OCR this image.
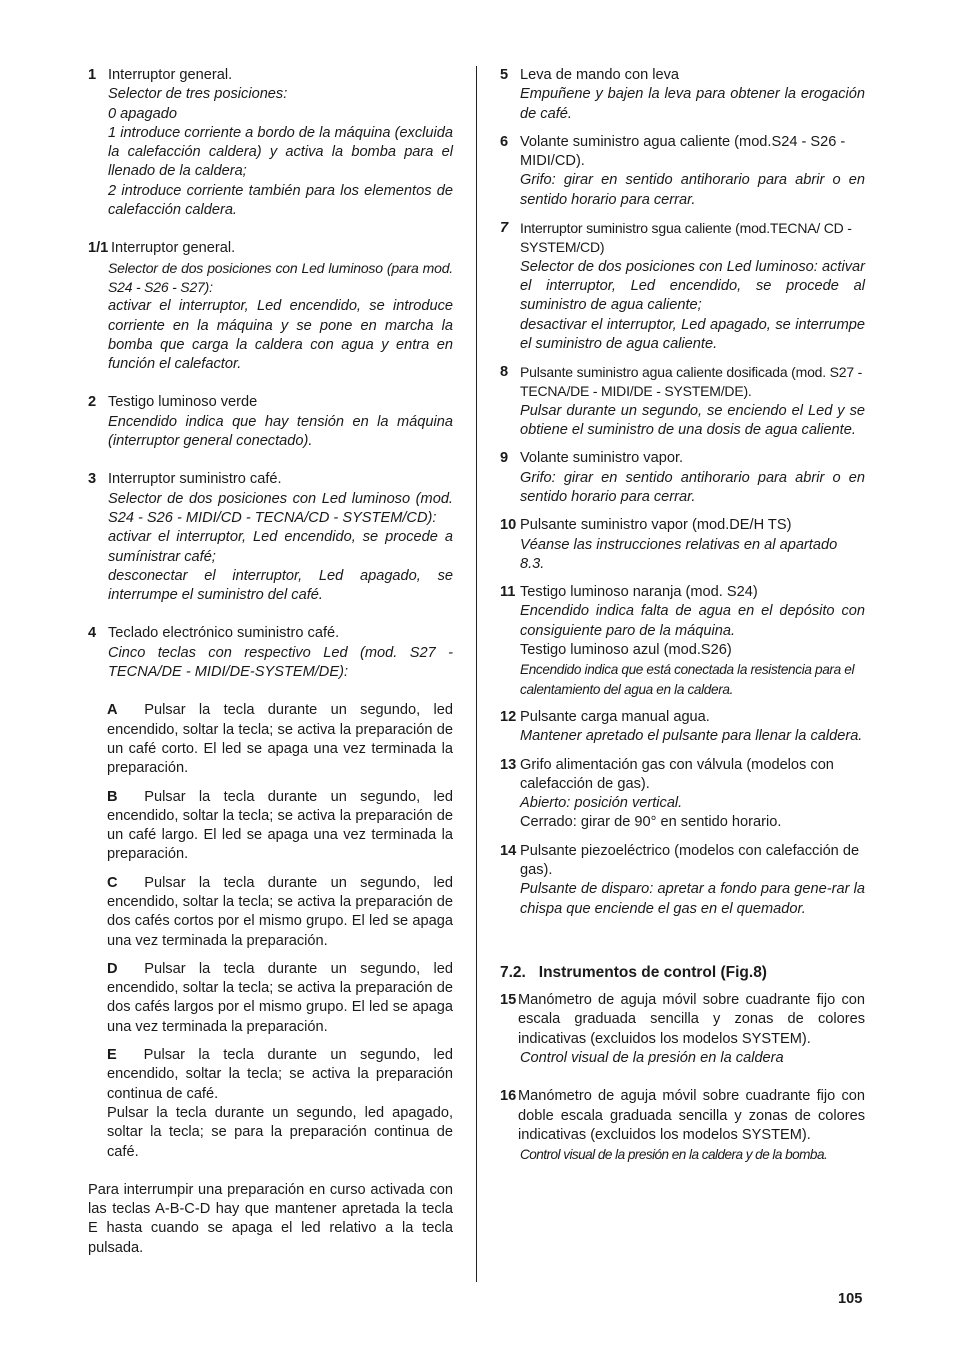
1 Interruptor general.
Selector de tres posiciones:
0 apagado
1 introduce corriente a bordo de la máquina (excluida la calefacción caldera) y activa la bomba para el llenado de la caldera;
2 introduce corriente también para los elementos de calefacción caldera.
1/1 Interruptor general.
Selector de dos posiciones con Led luminoso (para mod. S24 - S26 - S27):
activar el interruptor, Led encendido, se introduce corriente en la máquina y se pone en marcha la bomba que carga la caldera con agua y entra en función el calefactor.
2 Testigo luminoso verde
Encendido indica que hay tensión en la máquina (interruptor general conectado).
3 Interruptor suministro café.
Selector de dos posiciones con Led luminoso (mod. S24 - S26 - MIDI/CD - TECNA/CD - SYSTEM/CD):
activar el interruptor, Led encendido, se procede a sumínistrar café;
desconectar el interruptor, Led apagado, se interrumpe el suministro del café.
4 Teclado electrónico suministro café.
Cinco teclas con respectivo Led (mod. S27 - TECNA/DE - MIDI/DE-SYSTEM/DE):
A Pulsar la tecla durante un segundo, led encendido, soltar la tecla; se activa la preparación de un café corto. El led se apaga una vez terminada la preparación.
B Pulsar la tecla durante un segundo, led encendido, soltar la tecla; se activa la preparación de un café largo. El led se apaga una vez terminada la preparación.
C Pulsar la tecla durante un segundo, led encendido, soltar la tecla; se activa la preparación de dos cafés cortos por el mismo grupo. El led se apaga una vez terminada la preparación.
D Pulsar la tecla durante un segundo, led encendido, soltar la tecla; se activa la preparación de dos cafés largos por el mismo grupo. El led se apaga una vez terminada la preparación.
E Pulsar la tecla durante un segundo, led encendido, soltar la tecla; se activa la preparación continua de café.
Pulsar la tecla durante un segundo, led apagado, soltar la tecla; se para la preparación continua de café.
Para interrumpir una preparación en curso activada con las teclas A-B-C-D hay que mantener apretada la tecla E hasta cuando se apaga el led relativo a la tecla pulsada.
5 Leva de mando con leva
Empuñene y bajen la leva para obtener la erogación de café.
6 Volante suministro agua caliente (mod.S24 - S26 - MIDI/CD).
Grifo: girar en sentido antihorario para abrir o en sentido horario para cerrar.
7 Interruptor suministro sgua caliente (mod.TECNA/ CD - SYSTEM/CD)
Selector de dos posiciones con Led luminoso: activar el interruptor, Led encendido, se procede al suministro de agua caliente;
desactivar el interruptor, Led apagado, se interrumpe el suministro de agua caliente.
8 Pulsante suministro agua caliente dosificada (mod. S27 - TECNA/DE - MIDI/DE - SYSTEM/DE).
Pulsar durante un segundo, se enciendo el Led y se obtiene el suministro de una dosis de agua caliente.
9 Volante suministro vapor.
Grifo: girar en sentido antihorario para abrir o en sentido horario para cerrar.
10 Pulsante suministro vapor (mod.DE/H TS)
Véanse las instrucciones relativas en al apartado 8.3.
11 Testigo luminoso naranja (mod. S24)
Encendido indica falta de agua en el depósito con consiguiente paro de la máquina.
Testigo luminoso azul (mod.S26)
Encendido indica que está conectada la resistencia para el calentamiento del agua en la caldera.
12 Pulsante carga manual agua.
Mantener apretado el pulsante para llenar la caldera.
13 Grifo alimentación gas con válvula (modelos con calefacción de gas).
Abierto: posición vertical.
Cerrado: girar de 90° en sentido horario.
14 Pulsante piezoeléctrico (modelos con calefacción de gas).
Pulsante de disparo: apretar a fondo para gene-rar la chispa que enciende el gas en el quemador.
7.2.   Instrumentos de control (Fig.8)
15 Manómetro de aguja móvil sobre cuadrante fijo con escala graduada sencilla y zonas de colores indicativas (excluidos los modelos SYSTEM).
Control visual de la presión en la caldera
16 Manómetro de aguja móvil sobre cuadrante fijo con doble escala graduada sencilla y zonas de colores indicativas (excluidos los modelos SYSTEM).
Control visual de la presión en la caldera y de la bomba.
105
